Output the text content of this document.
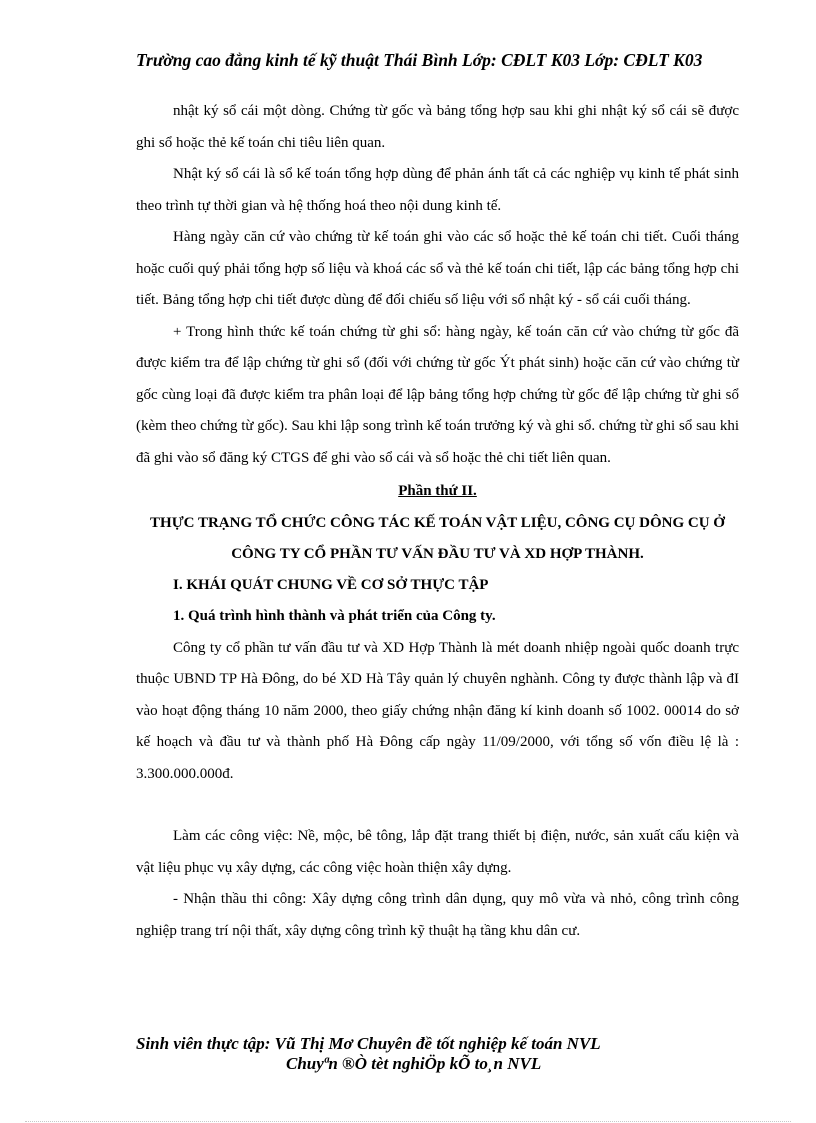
Trường cao đẳng kinh tế kỹ thuật Thái Bình Lớp: CĐLT K03 Lớp: CĐLT K03

nhật ký sổ cái một dòng. Chứng từ gốc và bảng tổng hợp sau khi ghi nhật ký sổ cái sẽ được ghi sổ hoặc thẻ kế toán chi tiêu liên quan.

Nhật ký sổ cái là sổ kế toán tổng hợp dùng để phản ánh tất cả các nghiệp vụ kinh tế phát sinh theo trình tự thời gian và hệ thống hoá theo nội dung kinh tế.

Hàng ngày căn cứ vào chứng từ kế toán ghi vào các sổ hoặc thẻ kế toán chi tiết. Cuối tháng hoặc cuối quý phải tổng hợp số liệu và khoá các sổ và thẻ kế toán chi tiết, lập các bảng tổng hợp chi tiết. Bảng tổng hợp chi tiết được dùng để đối chiếu số liệu với sổ nhật ký - sổ cái cuối tháng.

+ Trong hình thức kế toán chứng từ ghi sổ: hàng ngày, kế toán căn cứ vào chứng từ gốc đã được kiểm tra để lập chứng từ ghi sổ (đối với chứng từ gốc Ýt phát sinh) hoặc căn cứ vào chứng từ gốc cùng loại đã được kiểm tra phân loại để lập bảng tổng hợp chứng từ gốc để lập chứng từ ghi sổ (kèm theo chứng từ gốc). Sau khi lập song trình kế toán trưởng ký và ghi sổ. chứng từ ghi sổ sau khi đã ghi vào sổ đăng ký CTGS để ghi vào sổ cái và sổ hoặc thẻ chi tiết liên quan.

Phần thứ II.

THỰC TRẠNG TỔ CHỨC CÔNG TÁC KẾ TOÁN VẬT LIỆU, CÔNG CỤ DÔNG CỤ Ở CÔNG TY CỔ PHẦN TƯ VẤN ĐẦU TƯ VÀ XD HỢP THÀNH.

I. KHÁI QUÁT CHUNG VỀ CƠ SỞ THỰC TẬP

1. Quá trình hình thành và phát triển của Công ty.

Công ty cổ phần tư vấn đầu tư và XD Hợp Thành là mét doanh nhiệp ngoài quốc doanh trực thuộc UBND TP Hà Đông, do bé XD Hà Tây quản lý chuyên nghành. Công ty được thành lập và đI vào hoạt động tháng 10 năm 2000, theo giấy chứng nhận đăng kí kinh doanh số 1002. 00014 do sở kế hoạch và đầu tư và thành phố Hà Đông cấp ngày 11/09/2000, với tổng số vốn điều lệ là : 3.300.000.000đ.

Làm các công việc: Nề, mộc, bê tông, lắp đặt trang thiết bị điện, nước, sản xuất cấu kiện và vật liệu phục vụ xây dựng, các công việc hoàn thiện xây dựng.

- Nhận thầu thi công: Xây dựng công trình dân dụng, quy mô vừa và nhỏ, công trình công nghiệp trang trí nội thất, xây dựng công trình kỹ thuật hạ tầng khu dân cư.

Sinh viên thực tập: Vũ Thị Mơ Chuyên đề tốt nghiệp kế toán NVL
Chuyªn ®Ò tèt nghiÖp kÕ to¸n NVL
